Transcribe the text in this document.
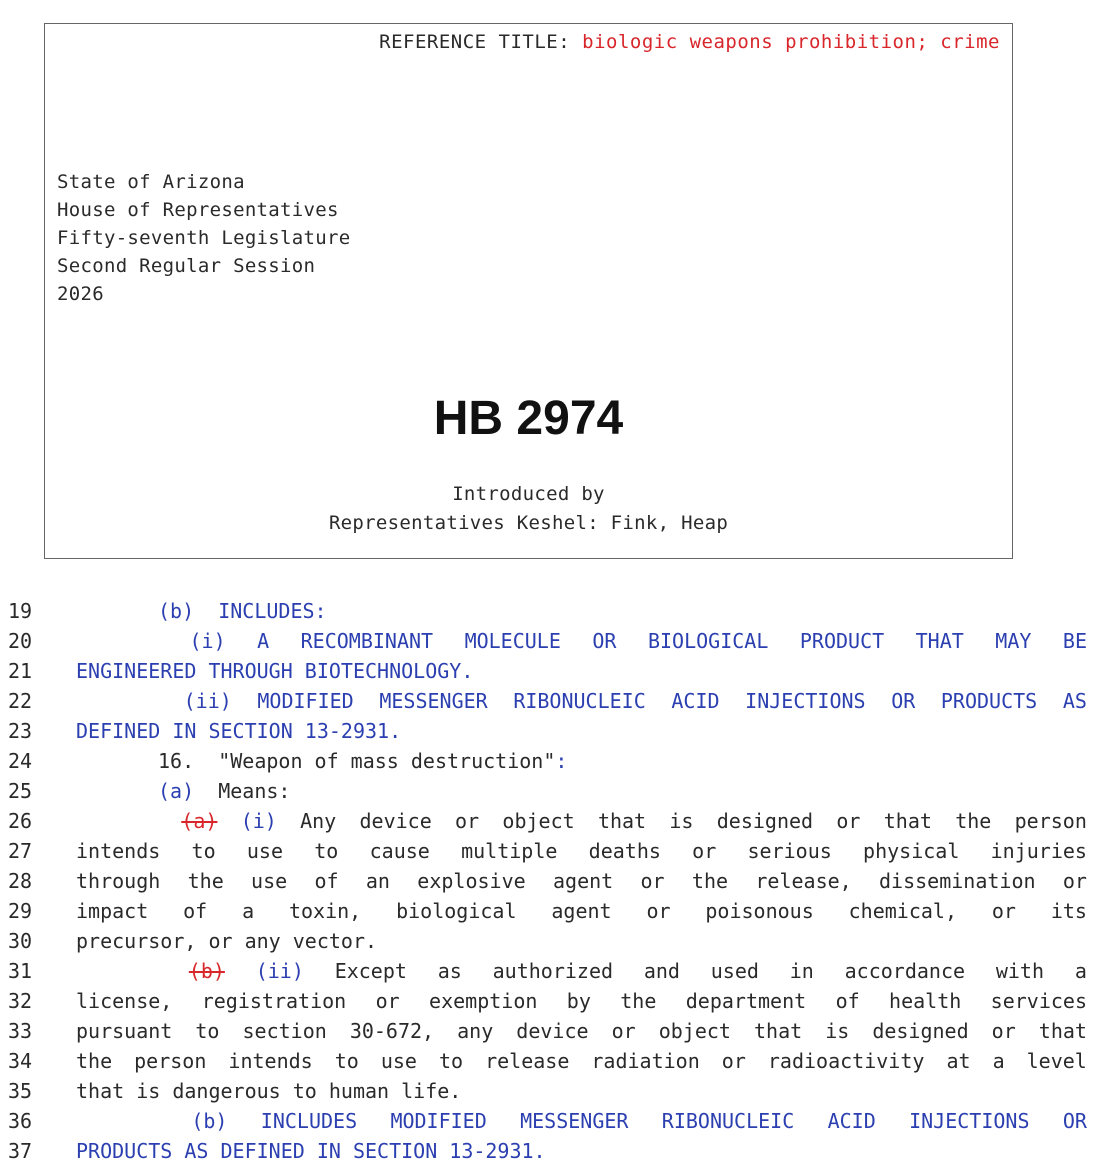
REFERENCE TITLE: biologic weapons prohibition; crime
State of Arizona
House of Representatives
Fifty-seventh Legislature
Second Regular Session
2026
HB 2974
Introduced by
Representatives Keshel: Fink, Heap
19	(b)  INCLUDES:
20	(i) A RECOMBINANT MOLECULE OR BIOLOGICAL PRODUCT THAT MAY BE
21 ENGINEERED THROUGH BIOTECHNOLOGY.
22	(ii) MODIFIED MESSENGER RIBONUCLEIC ACID INJECTIONS OR PRODUCTS AS
23 DEFINED IN SECTION 13-2931.
24	16.  "Weapon of mass destruction":
25	(a)  Means:
26	(a) (i) Any device or object that is designed or that the person
27 intends to use to cause multiple deaths or serious physical injuries
28 through the use of an explosive agent or the release, dissemination or
29 impact of a toxin, biological agent or poisonous chemical, or its
30 precursor, or any vector.
31	(b) (ii) Except as authorized and used in accordance with a
32 license, registration or exemption by the department of health services
33 pursuant to section 30-672, any device or object that is designed or that
34 the person intends to use to release radiation or radioactivity at a level
35 that is dangerous to human life.
36	(b) INCLUDES MODIFIED MESSENGER RIBONUCLEIC ACID INJECTIONS OR
37 PRODUCTS AS DEFINED IN SECTION 13-2931.
